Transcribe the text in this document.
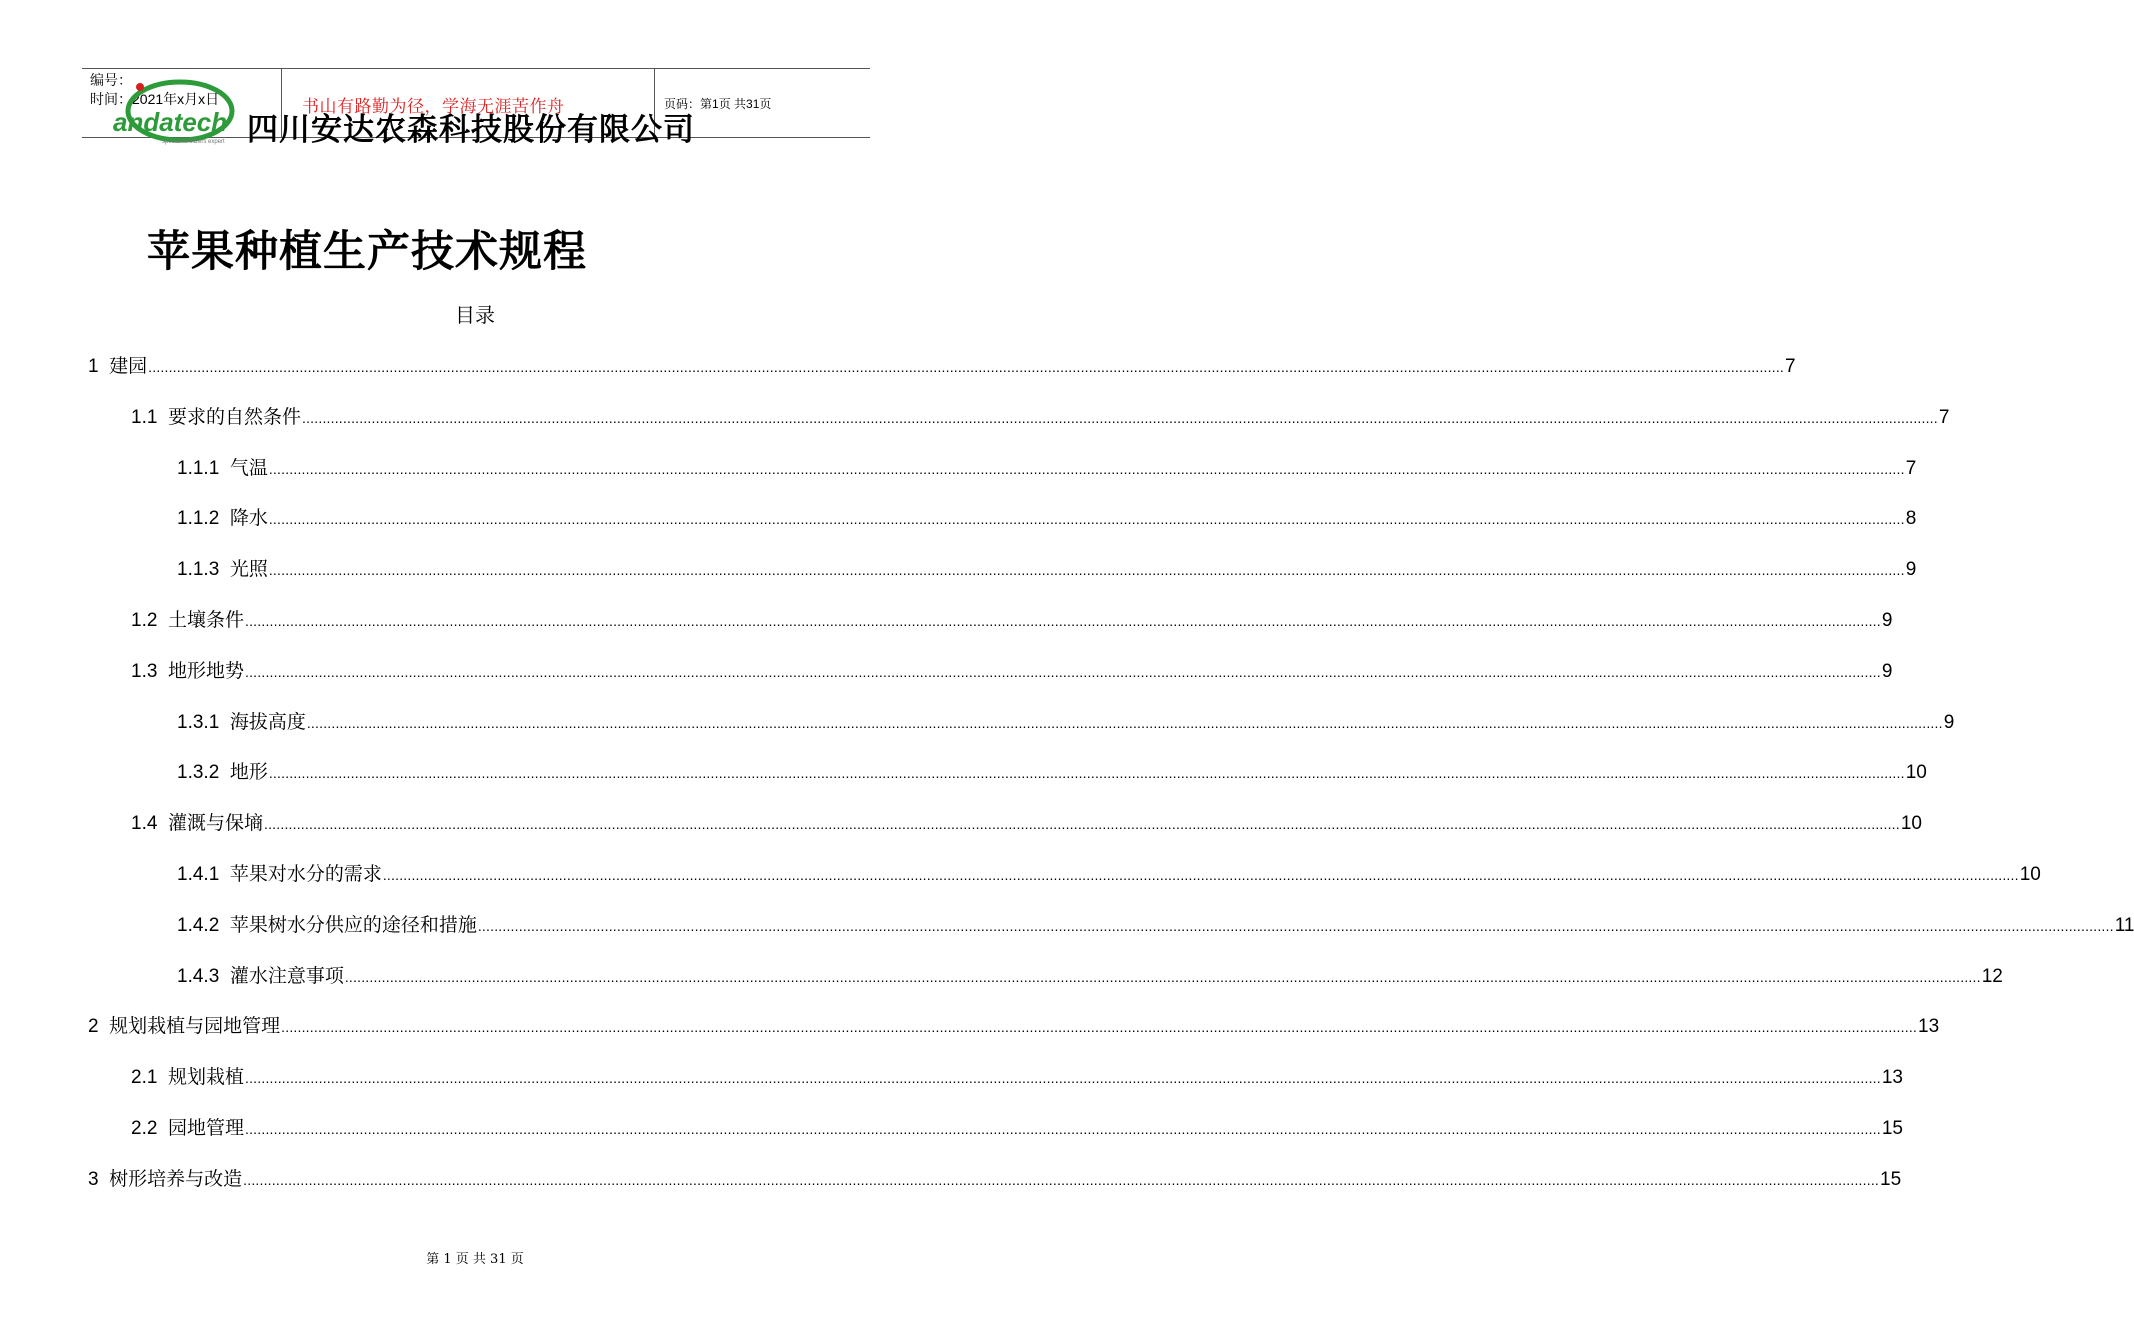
编号：
时间：2021年x月x日
andatech
special fertilizers expert
书山有路勤为径，学海无涯苦作舟	页码：第1页 共31页
四川安达农森科技股份有限公司
苹果种植生产技术规程
目录
1 建园 ................................................................................................................................................................................................................................................................................................................................................................................................................ 7
1.1 要求的自然条件 ................................................................................................................................................................................................................................................................................................................................................................................................................ 7
1.1.1 气温 ................................................................................................................................................................................................................................................................................................................................................................................................................ 7
1.1.2 降水 ................................................................................................................................................................................................................................................................................................................................................................................................................ 8
1.1.3 光照 ................................................................................................................................................................................................................................................................................................................................................................................................................ 9
1.2 土壤条件 ................................................................................................................................................................................................................................................................................................................................................................................................................ 9
1.3 地形地势 ................................................................................................................................................................................................................................................................................................................................................................................................................ 9
1.3.1 海拔高度 ................................................................................................................................................................................................................................................................................................................................................................................................................ 9
1.3.2 地形 ................................................................................................................................................................................................................................................................................................................................................................................................................ 10
1.4 灌溉与保墒 ................................................................................................................................................................................................................................................................................................................................................................................................................ 10
1.4.1 苹果对水分的需求 ................................................................................................................................................................................................................................................................................................................................................................................................................ 10
1.4.2 苹果树水分供应的途径和措施 ................................................................................................................................................................................................................................................................................................................................................................................................................ 11
1.4.3 灌水注意事项 ................................................................................................................................................................................................................................................................................................................................................................................................................ 12
2 规划栽植与园地管理 ................................................................................................................................................................................................................................................................................................................................................................................................................ 13
2.1 规划栽植 ................................................................................................................................................................................................................................................................................................................................................................................................................ 13
2.2 园地管理 ................................................................................................................................................................................................................................................................................................................................................................................................................ 15
3 树形培养与改造 ................................................................................................................................................................................................................................................................................................................................................................................................................ 15
第 1 页 共 31 页
